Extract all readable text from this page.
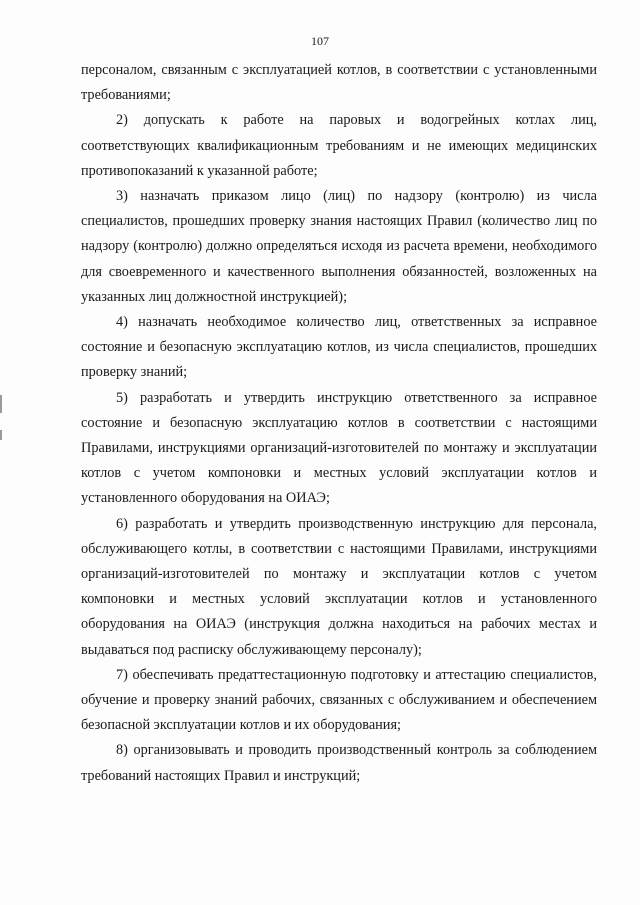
107

персоналом, связанным с эксплуатацией котлов, в соответствии с установленными требованиями;

2) допускать к работе на паровых и водогрейных котлах лиц, соответствующих квалификационным требованиям и не имеющих медицинских противопоказаний к указанной работе;

3) назначать приказом лицо (лиц) по надзору (контролю) из числа специалистов, прошедших проверку знания настоящих Правил (количество лиц по надзору (контролю) должно определяться исходя из расчета времени, необходимого для своевременного и качественного выполнения обязанностей, возложенных на указанных лиц должностной инструкцией);

4) назначать необходимое количество лиц, ответственных за исправное состояние и безопасную эксплуатацию котлов, из числа специалистов, прошедших проверку знаний;

5) разработать и утвердить инструкцию ответственного за исправное состояние и безопасную эксплуатацию котлов в соответствии с настоящими Правилами, инструкциями организаций-изготовителей по монтажу и эксплуатации котлов с учетом компоновки и местных условий эксплуатации котлов и установленного оборудования на ОИАЭ;

6) разработать и утвердить производственную инструкцию для персонала, обслуживающего котлы, в соответствии с настоящими Правилами, инструкциями организаций-изготовителей по монтажу и эксплуатации котлов с учетом компоновки и местных условий эксплуатации котлов и установленного оборудования на ОИАЭ (инструкция должна находиться на рабочих местах и выдаваться под расписку обслуживающему персоналу);

7) обеспечивать предаттестационную подготовку и аттестацию специалистов, обучение и проверку знаний рабочих, связанных с обслуживанием и обеспечением безопасной эксплуатации котлов и их оборудования;

8) организовывать и проводить производственный контроль за соблюдением требований настоящих Правил и инструкций;
